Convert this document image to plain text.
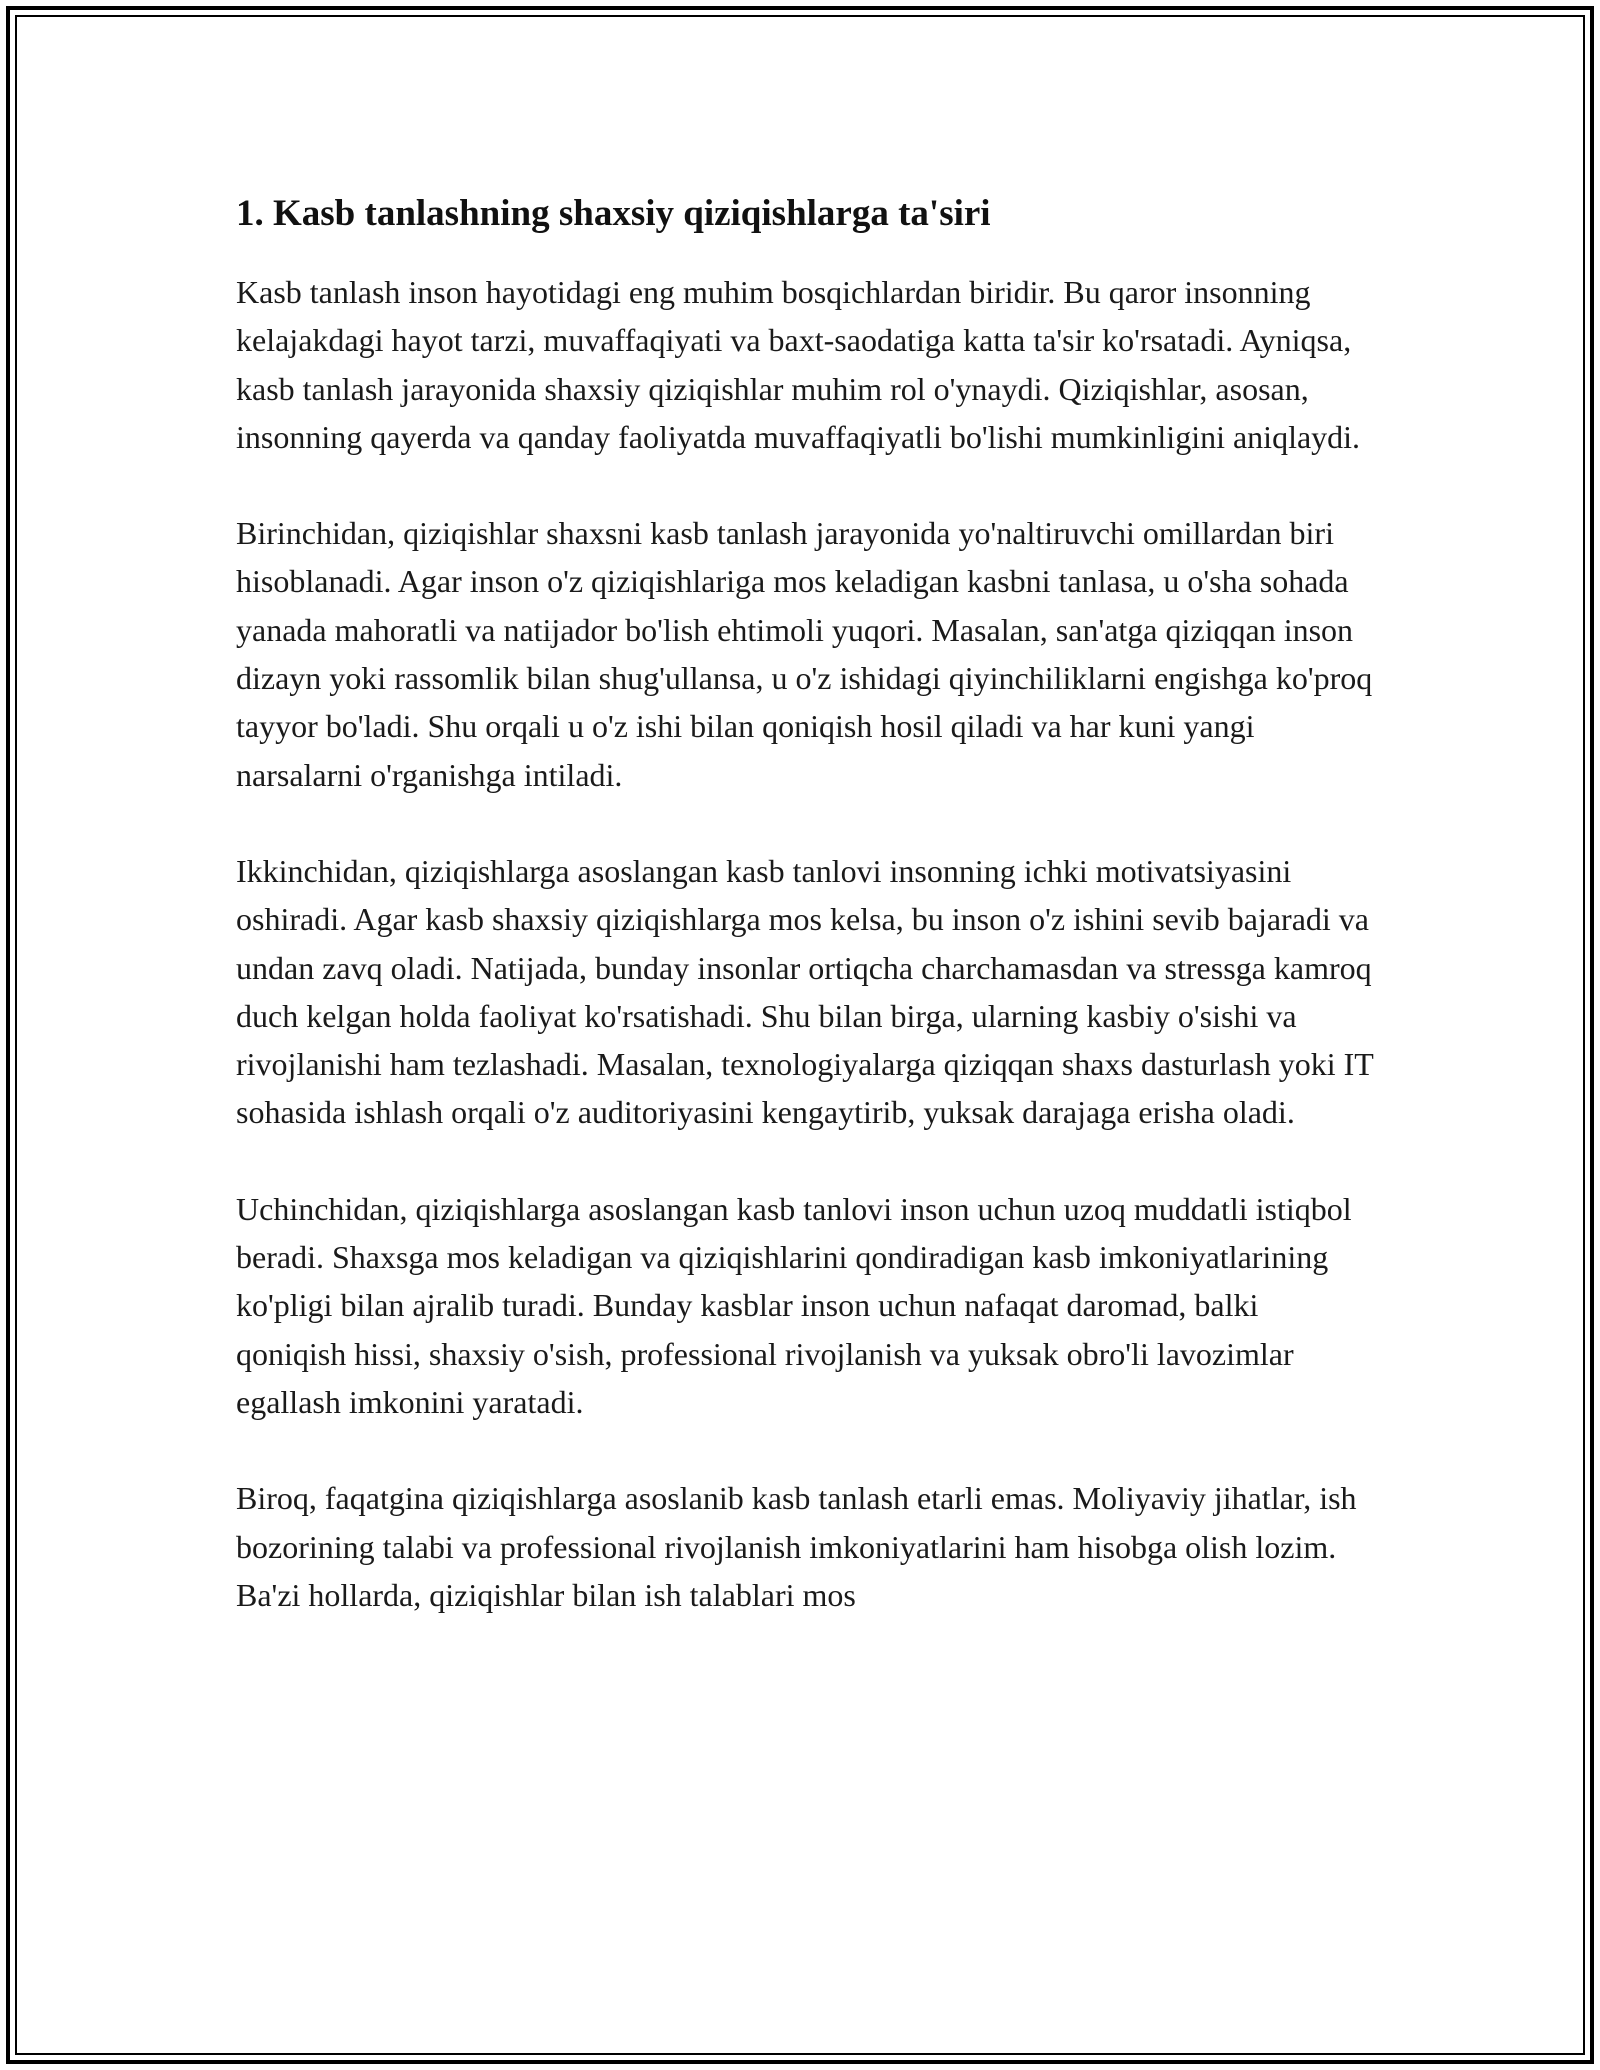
1. Kasb tanlashning shaxsiy qiziqishlarga ta'siri

Kasb tanlash inson hayotidagi eng muhim bosqichlardan biridir. Bu qaror insonning kelajakdagi hayot tarzi, muvaffaqiyati va baxt-saodatiga katta ta'sir ko'rsatadi. Ayniqsa, kasb tanlash jarayonida shaxsiy qiziqishlar muhim rol o'ynaydi. Qiziqishlar, asosan, insonning qayerda va qanday faoliyatda muvaffaqiyatli bo'lishi mumkinligini aniqlaydi.

Birinchidan, qiziqishlar shaxsni kasb tanlash jarayonida yo'naltiruvchi omillardan biri hisoblanadi. Agar inson o'z qiziqishlariga mos keladigan kasbni tanlasa, u o'sha sohada yanada mahoratli va natijador bo'lish ehtimoli yuqori. Masalan, san'atga qiziqqan inson dizayn yoki rassomlik bilan shug'ullansa, u o'z ishidagi qiyinchiliklarni engishga ko'proq tayyor bo'ladi. Shu orqali u o'z ishi bilan qoniqish hosil qiladi va har kuni yangi narsalarni o'rganishga intiladi.

Ikkinchidan, qiziqishlarga asoslangan kasb tanlovi insonning ichki motivatsiyasini oshiradi. Agar kasb shaxsiy qiziqishlarga mos kelsa, bu inson o'z ishini sevib bajaradi va undan zavq oladi. Natijada, bunday insonlar ortiqcha charchamasdan va stressga kamroq duch kelgan holda faoliyat ko'rsatishadi. Shu bilan birga, ularning kasbiy o'sishi va rivojlanishi ham tezlashadi. Masalan, texnologiyalarga qiziqqan shaxs dasturlash yoki IT sohasida ishlash orqali o'z auditoriyasini kengaytirib, yuksak darajaga erisha oladi.

Uchinchidan, qiziqishlarga asoslangan kasb tanlovi inson uchun uzoq muddatli istiqbol beradi. Shaxsga mos keladigan va qiziqishlarini qondiradigan kasb imkoniyatlarining ko'pligi bilan ajralib turadi. Bunday kasblar inson uchun nafaqat daromad, balki qoniqish hissi, shaxsiy o'sish, professional rivojlanish va yuksak obro'li lavozimlar egallash imkonini yaratadi.

Biroq, faqatgina qiziqishlarga asoslanib kasb tanlash etarli emas. Moliyaviy jihatlar, ish bozorining talabi va professional rivojlanish imkoniyatlarini ham hisobga olish lozim. Ba'zi hollarda, qiziqishlar bilan ish talablari mos
